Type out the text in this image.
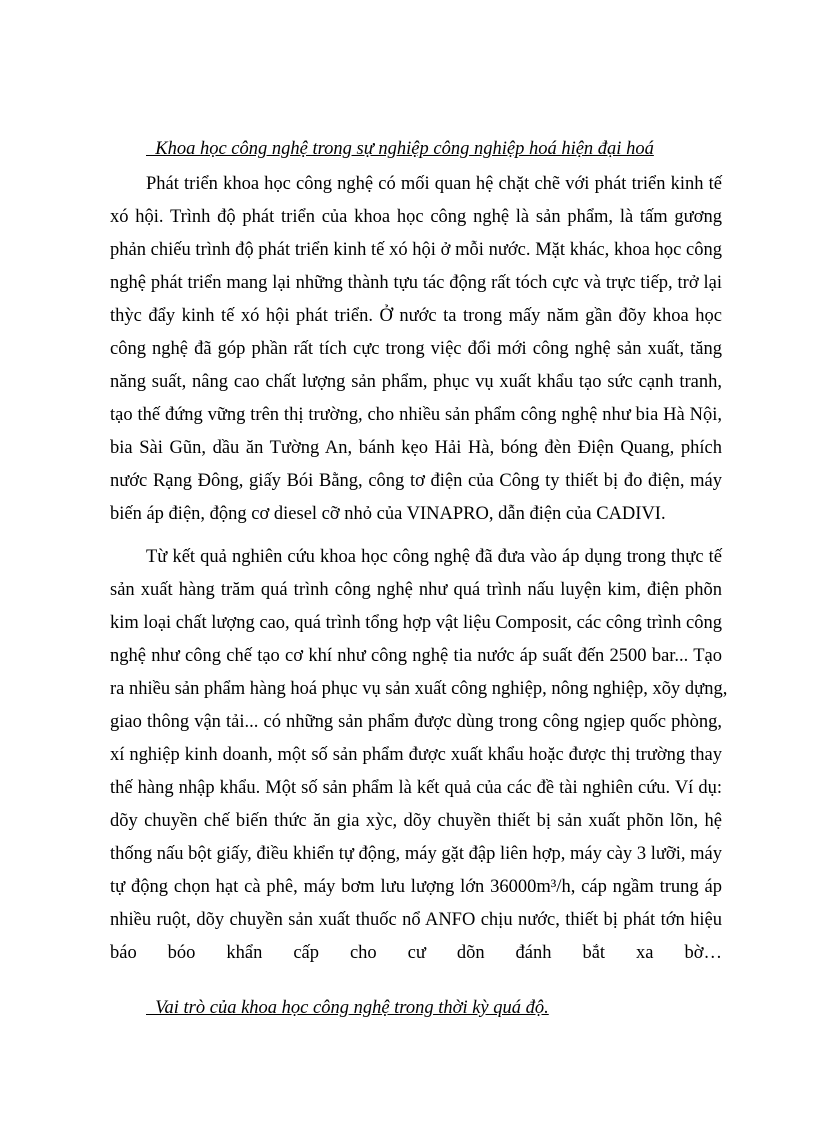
Khoa học công nghệ trong sự nghiệp công nghiệp hoá hiện đại hoá
Phát triển khoa học công nghệ có mối quan hệ chặt chẽ với phát triển kinh tế
xó hội. Trình độ phát triển của khoa học công nghệ là sản phẩm, là tấm gương
phản chiếu trình độ phát triển kinh tế xó hội ở mỗi nước. Mặt khác, khoa học công
nghệ phát triển mang lại những thành tựu tác động rất tóch cực và trực tiếp, trở lại
thỳc đẩy kinh tế xó hội phát triển. Ở nước ta trong mấy năm gần đõy khoa học
công nghệ đã góp phần rất tích cực trong việc đổi mới công nghệ sản xuất, tăng
năng suất, nâng cao chất lượng sản phẩm, phục vụ xuất khẩu tạo sức cạnh tranh,
tạo thế đứng vững trên thị trường, cho nhiều sản phẩm công nghệ như bia Hà Nội,
bia Sài Gũn, dầu ăn Tường An, bánh kẹo Hải Hà, bóng đèn Điện Quang, phích
nước Rạng Đông, giấy Bói Bằng, công tơ điện của Công ty thiết bị đo điện, máy
biến áp điện, động cơ diesel cỡ nhỏ của VINAPRO, dẫn điện của CADIVI.
Từ kết quả nghiên cứu khoa học công nghệ đã đưa vào áp dụng trong thực tế
sản xuất hàng trăm quá trình công nghệ như quá trình nấu luyện kim, điện phõn
kim loại chất lượng cao, quá trình tổng hợp vật liệu Composit, các công trình công
nghệ như công chế tạo cơ khí như công nghệ tia nước áp suất đến 2500 bar... Tạo
ra nhiều sản phẩm hàng hoá phục vụ sản xuất công nghiệp, nông nghiệp, xõy dựng,
giao thông vận tải... có những sản phẩm được dùng trong công ngịep quốc phòng,
xí nghiệp kinh doanh, một số sản phẩm được xuất khẩu hoặc được thị trường thay
thế hàng nhập khẩu. Một số sản phẩm là kết quả của các đề tài nghiên cứu. Ví dụ:
dõy chuyền chế biến thức ăn gia xỳc, dõy chuyền thiết bị sản xuất phõn lõn, hệ
thống nấu bột giấy, điều khiển tự động, máy gặt đập liên hợp, máy cày 3 lưỡi, máy
tự động chọn hạt cà phê, máy bơm lưu lượng lớn 36000m³/h, cáp ngầm trung áp
nhiều ruột, dõy chuyền sản xuất thuốc nổ ANFO chịu nước, thiết bị phát tớn hiệu
báo bóo khẩn cấp cho cư dõn đánh bắt xa bờ…
Vai trò của khoa học công nghệ trong thời kỳ quá độ.
